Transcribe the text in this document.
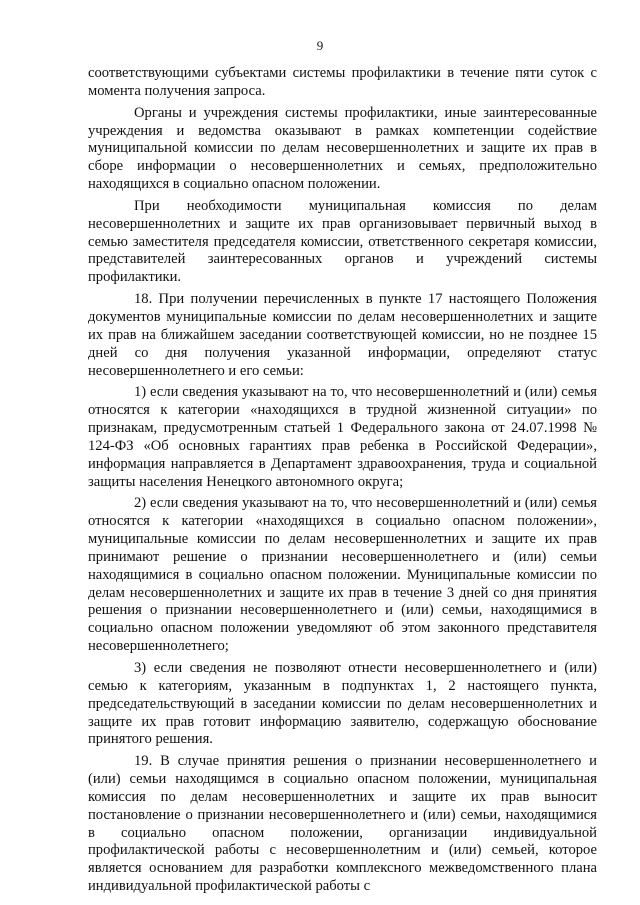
9

соответствующими субъектами системы профилактики в течение пяти суток с момента получения запроса.

Органы и учреждения системы профилактики, иные заинтересованные учреждения и ведомства оказывают в рамках компетенции содействие муниципальной комиссии по делам несовершеннолетних и защите их прав в сборе информации о несовершеннолетних и семьях, предположительно находящихся в социально опасном положении.

При необходимости муниципальная комиссия по делам несовершеннолетних и защите их прав организовывает первичный выход в семью заместителя председателя комиссии, ответственного секретаря комиссии, представителей заинтересованных органов и учреждений системы профилактики.

18. При получении перечисленных в пункте 17 настоящего Положения документов муниципальные комиссии по делам несовершеннолетних и защите их прав на ближайшем заседании соответствующей комиссии, но не позднее 15 дней со дня получения указанной информации, определяют статус несовершеннолетнего и его семьи:

1) если сведения указывают на то, что несовершеннолетний и (или) семья относятся к категории «находящихся в трудной жизненной ситуации» по признакам, предусмотренным статьей 1 Федерального закона от 24.07.1998 № 124-ФЗ «Об основных гарантиях прав ребенка в Российской Федерации», информация направляется в Департамент здравоохранения, труда и социальной защиты населения Ненецкого автономного округа;

2) если сведения указывают на то, что несовершеннолетний и (или) семья относятся к категории «находящихся в социально опасном положении», муниципальные комиссии по делам несовершеннолетних и защите их прав принимают решение о признании несовершеннолетнего и (или) семьи находящимися в социально опасном положении. Муниципальные комиссии по делам несовершеннолетних и защите их прав в течение 3 дней со дня принятия решения о признании несовершеннолетнего и (или) семьи, находящимися в социально опасном положении уведомляют об этом законного представителя несовершеннолетнего;

3) если сведения не позволяют отнести несовершеннолетнего и (или) семью к категориям, указанным в подпунктах 1, 2 настоящего пункта, председательствующий в заседании комиссии по делам несовершеннолетних и защите их прав готовит информацию заявителю, содержащую обоснование принятого решения.

19. В случае принятия решения о признании несовершеннолетнего и (или) семьи находящимся в социально опасном положении, муниципальная комиссия по делам несовершеннолетних и защите их прав выносит постановление о признании несовершеннолетнего и (или) семьи, находящимися в социально опасном положении, организации индивидуальной профилактической работы с несовершеннолетним и (или) семьей, которое является основанием для разработки комплексного межведомственного плана индивидуальной профилактической работы с
